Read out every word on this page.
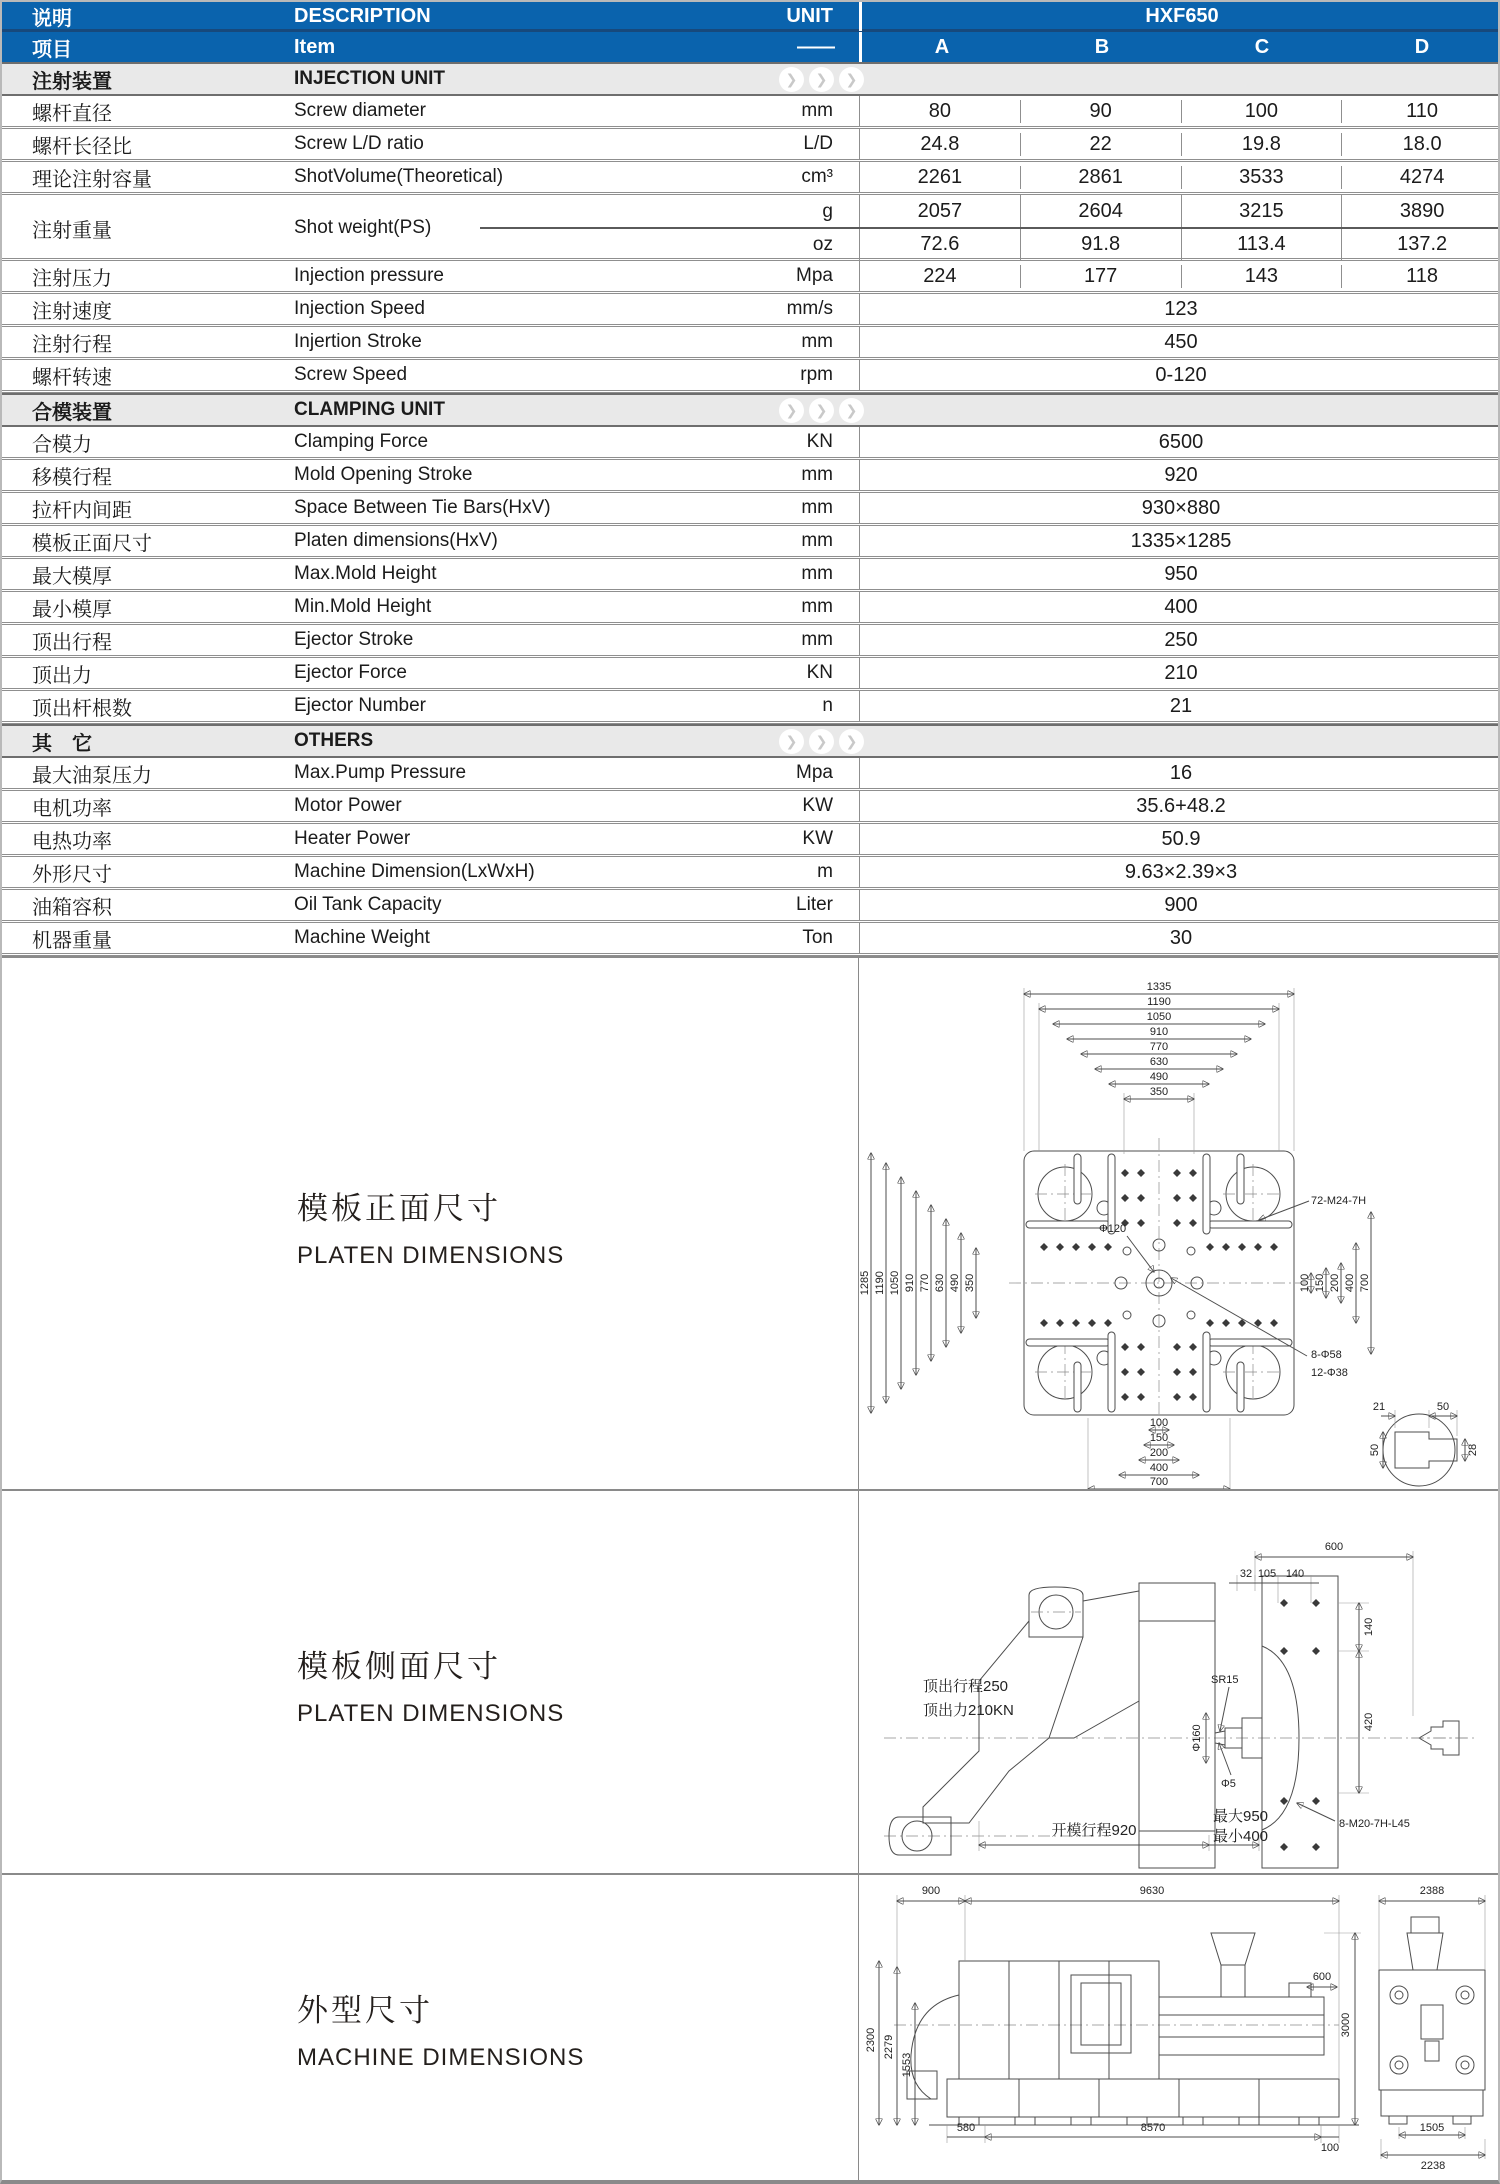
说明	DESCRIPTION	UNIT	HXF650
项目	Item	——	A	B	C	D
注射装置	INJECTION UNIT	❯	❯	❯
螺杆直径	Screw diameter	mm	80	90	100	110
螺杆长径比	Screw L/D ratio	L/D	24.8	22	19.8	18.0
理论注射容量	ShotVolume(Theoretical)	cm³	2261	2861	3533	4274
注射重量	Shot weight(PS)
g	2057	2604	3215	3890
oz	72.6	91.8	113.4	137.2
注射压力	Injection pressure	Mpa	224	177	143	118
注射速度	Injection Speed	mm/s	123
注射行程	Injertion Stroke	mm	450
螺杆转速	Screw Speed	rpm	0-120
合模装置	CLAMPING UNIT	❯	❯	❯
合模力	Clamping Force	KN	6500
移模行程	Mold Opening Stroke	mm	920
拉杆内间距	Space Between Tie Bars(HxV)	mm	930×880
模板正面尺寸	Platen dimensions(HxV)	mm	1335×1285
最大模厚	Max.Mold Height	mm	950
最小模厚	Min.Mold Height	mm	400
顶出行程	Ejector Stroke	mm	250
顶出力	Ejector Force	KN	210
顶出杆根数	Ejector Number	n	21
其　它	OTHERS	❯	❯	❯
最大油泵压力	Max.Pump Pressure	Mpa	16
电机功率	Motor Power	KW	35.6+48.2
电热功率	Heater Power	KW	50.9
外形尺寸	Machine Dimension(LxWxH)	m	9.63×2.39×3
油箱容积	Oil Tank Capacity	Liter	900
机器重量	Machine Weight	Ton	30
模板正面尺寸
PLATEN DIMENSIONS
1335
1190
1050
910
770
630
490
350
1285 1190 1050 910 770 630 490 350
100
150
200
400
700
100 150 200 400 700
72-M24-7H
Φ120
8-Φ58
12-Φ38
50
21
50	28
模板侧面尺寸
PLATEN DIMENSIONS
600
32 105 140
140
420
SR15
Φ160
Φ5
8-M20-7H-L45
顶出行程250
顶出力210KN
开模行程920
最大950
最小400
外型尺寸
MACHINE DIMENSIONS
900	9630	2388
600
3000
2300 2279
1553
580	8570
100
1505
2238
